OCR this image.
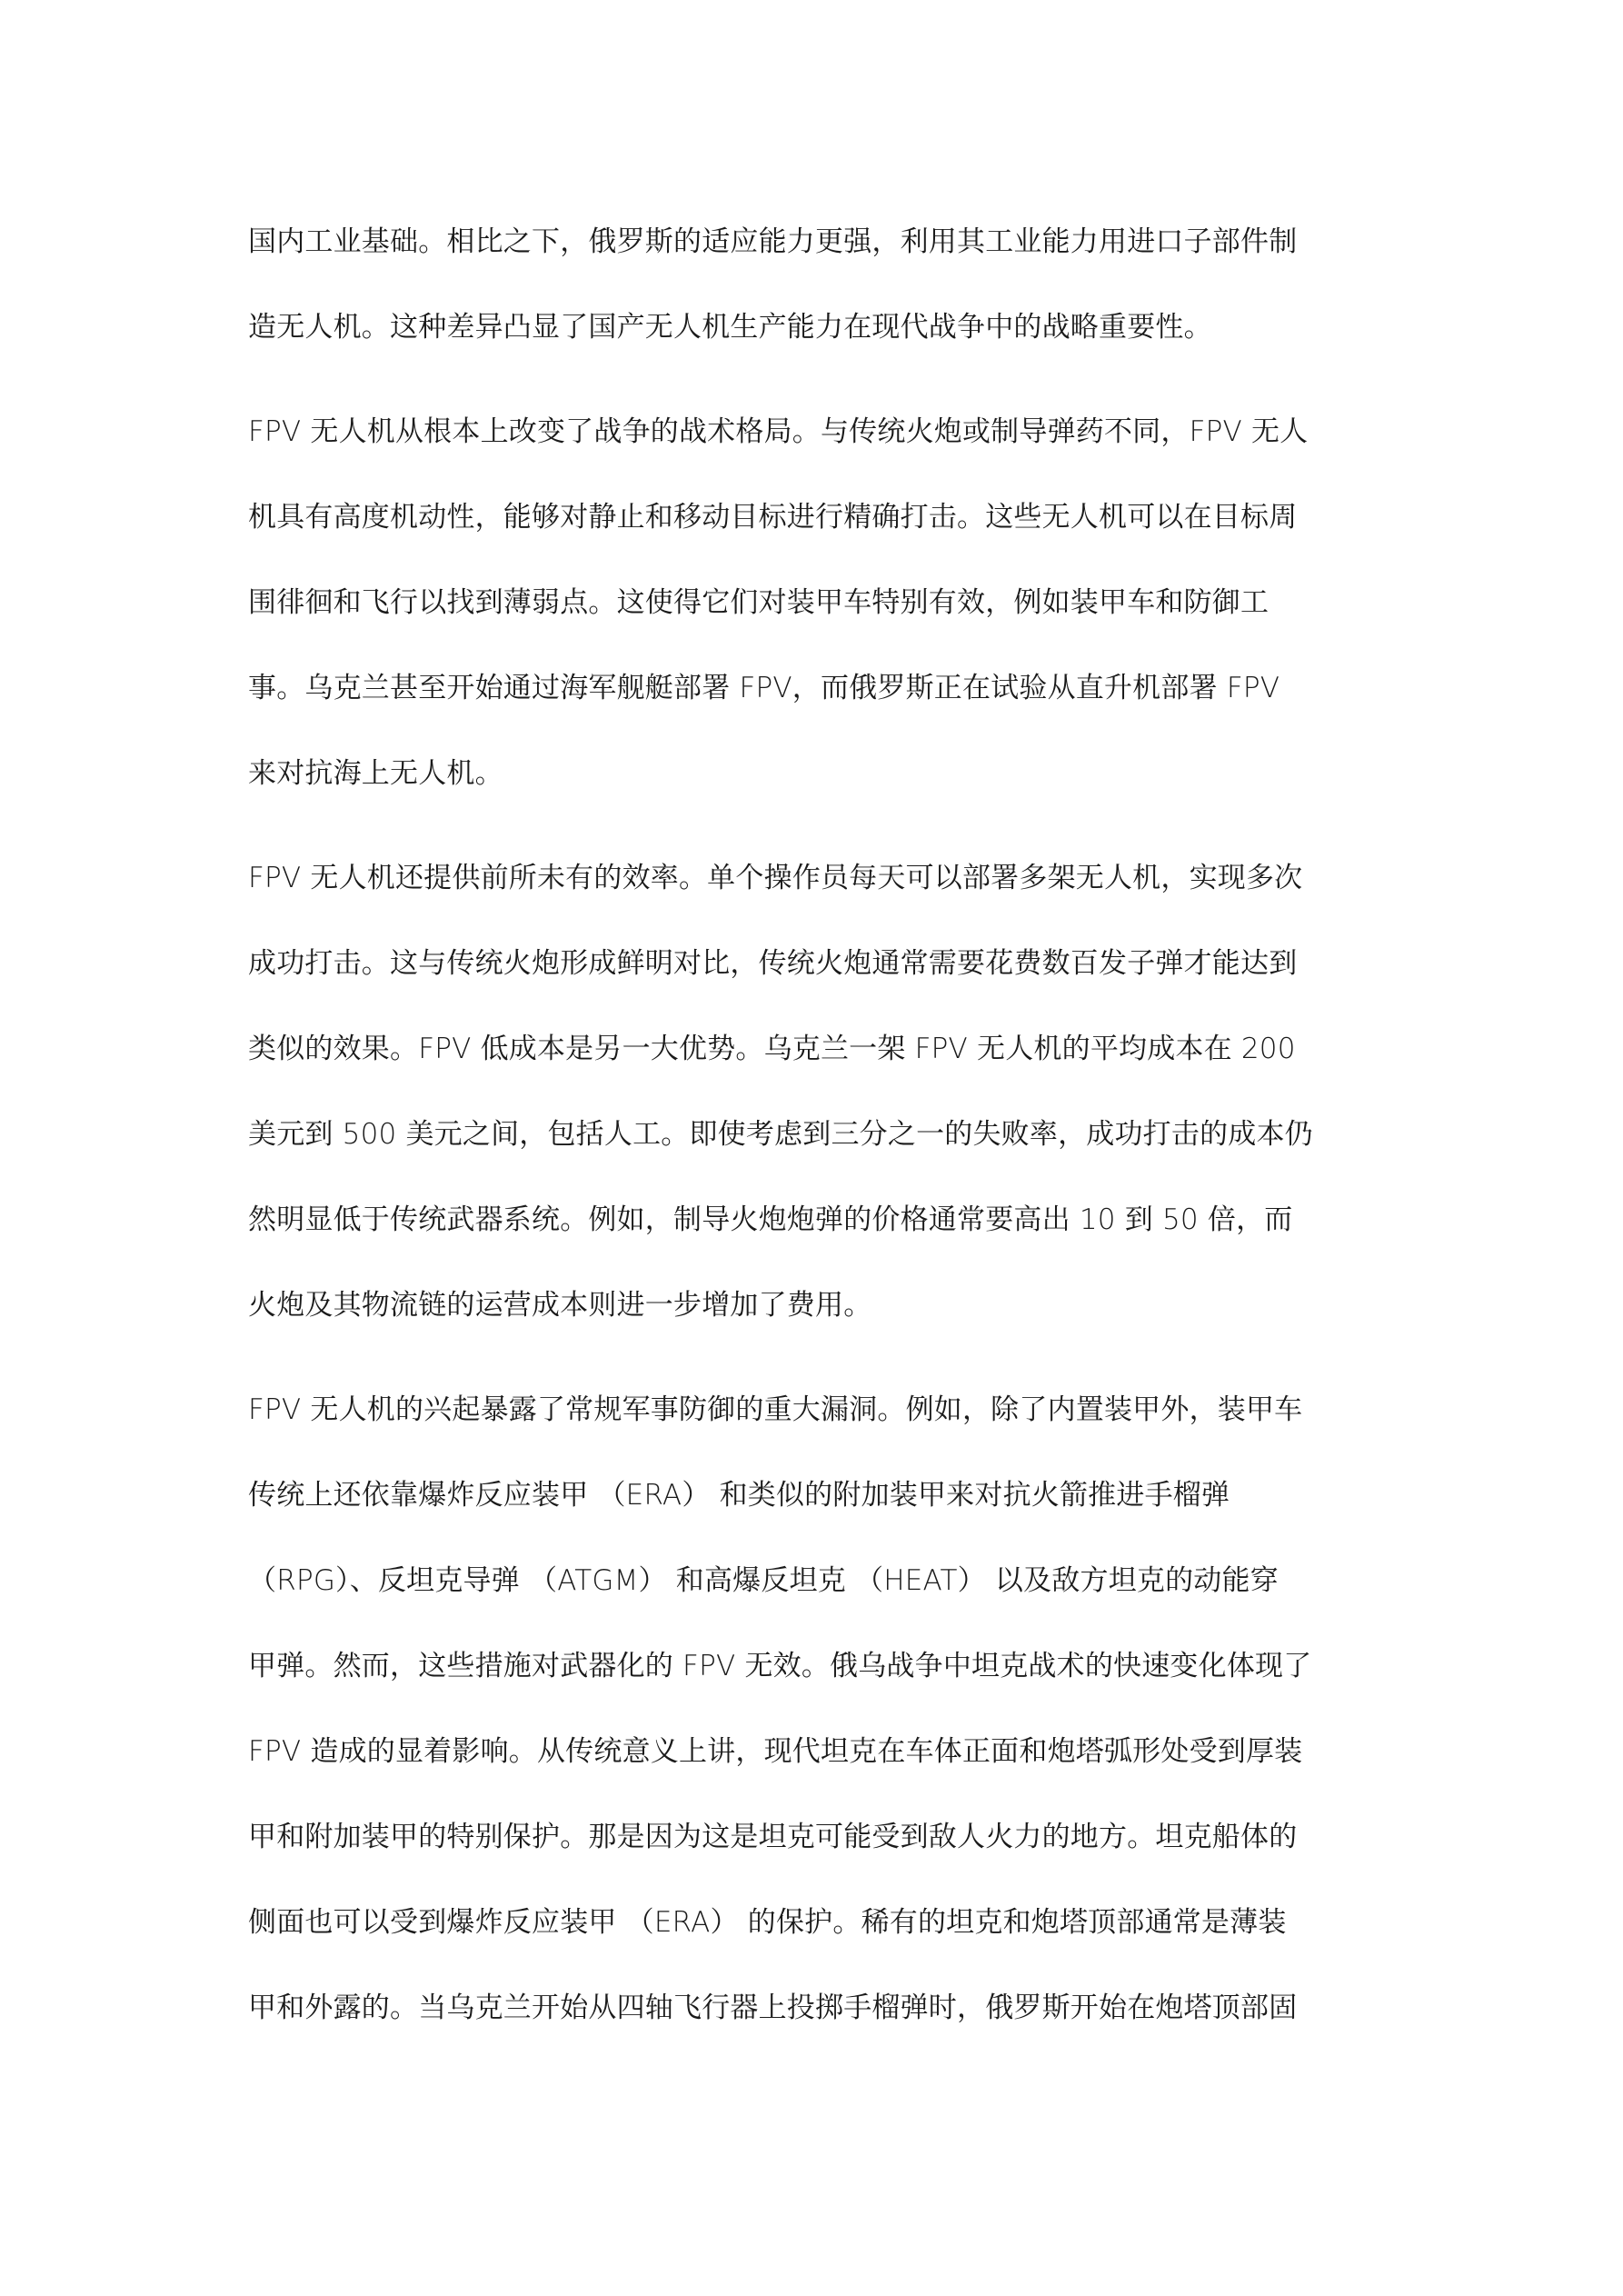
国内工业基础。相比之下，俄罗斯的适应能力更强，利用其工业能力用进口子部件制
造无人机。这种差异凸显了国产无人机生产能力在现代战争中的战略重要性。

FPV 无人机从根本上改变了战争的战术格局。与传统火炮或制导弹药不同，FPV 无人
机具有高度机动性，能够对静止和移动目标进行精确打击。这些无人机可以在目标周
围徘徊和飞行以找到薄弱点。这使得它们对装甲车特别有效，例如装甲车和防御工
事。乌克兰甚至开始通过海军舰艇部署 FPV，而俄罗斯正在试验从直升机部署 FPV
来对抗海上无人机。

FPV 无人机还提供前所未有的效率。单个操作员每天可以部署多架无人机，实现多次
成功打击。这与传统火炮形成鲜明对比，传统火炮通常需要花费数百发子弹才能达到
类似的效果。FPV 低成本是另一大优势。乌克兰一架 FPV 无人机的平均成本在 200
美元到 500 美元之间，包括人工。即使考虑到三分之一的失败率，成功打击的成本仍
然明显低于传统武器系统。例如，制导火炮炮弹的价格通常要高出 10 到 50 倍，而
火炮及其物流链的运营成本则进一步增加了费用。

FPV 无人机的兴起暴露了常规军事防御的重大漏洞。例如，除了内置装甲外，装甲车
传统上还依靠爆炸反应装甲 （ERA） 和类似的附加装甲来对抗火箭推进手榴弹
（RPG）、反坦克导弹 （ATGM） 和高爆反坦克 （HEAT） 以及敌方坦克的动能穿
甲弹。然而，这些措施对武器化的 FPV 无效。俄乌战争中坦克战术的快速变化体现了
FPV 造成的显着影响。从传统意义上讲，现代坦克在车体正面和炮塔弧形处受到厚装
甲和附加装甲的特别保护。那是因为这是坦克可能受到敌人火力的地方。坦克船体的
侧面也可以受到爆炸反应装甲 （ERA） 的保护。稀有的坦克和炮塔顶部通常是薄装
甲和外露的。当乌克兰开始从四轴飞行器上投掷手榴弹时，俄罗斯开始在炮塔顶部固
